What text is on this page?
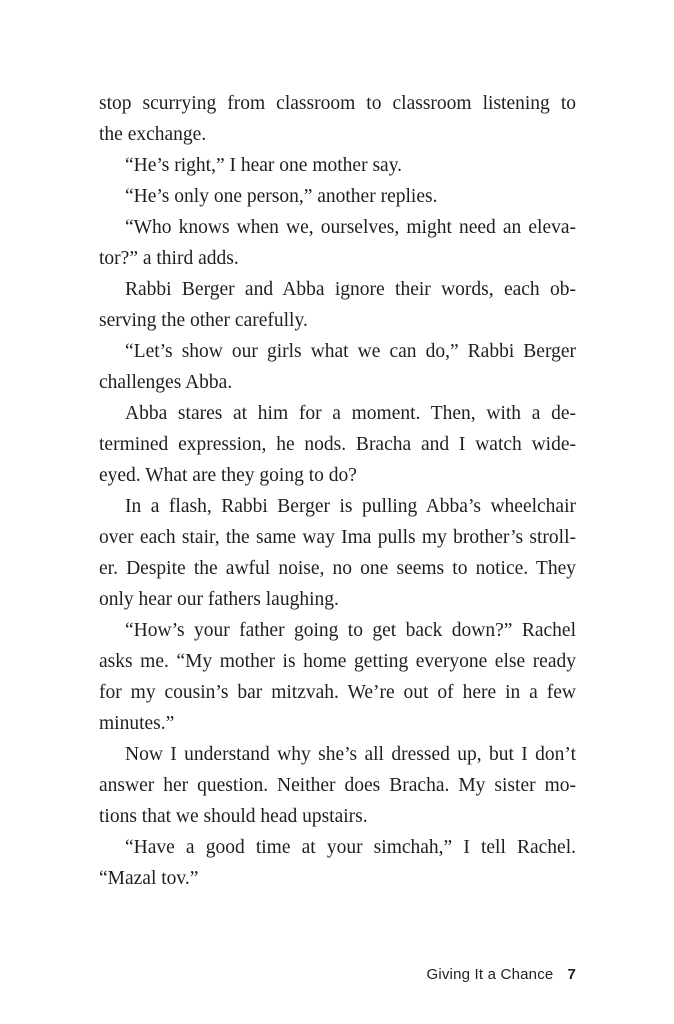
stop scurrying from classroom to classroom listening to
the exchange.
“He’s right,” I hear one mother say.
“He’s only one person,” another replies.
“Who knows when we, ourselves, might need an eleva-
tor?” a third adds.
Rabbi Berger and Abba ignore their words, each ob-
serving the other carefully.
“Let’s show our girls what we can do,” Rabbi Berger
challenges Abba.
Abba stares at him for a moment. Then, with a de-
termined expression, he nods. Bracha and I watch wide-
eyed. What are they going to do?
In a flash, Rabbi Berger is pulling Abba’s wheelchair
over each stair, the same way Ima pulls my brother’s stroll-
er. Despite the awful noise, no one seems to notice. They
only hear our fathers laughing.
“How’s your father going to get back down?” Rachel
asks me. “My mother is home getting everyone else ready
for my cousin’s bar mitzvah. We’re out of here in a few
minutes.”
Now I understand why she’s all dressed up, but I don’t
answer her question. Neither does Bracha. My sister mo-
tions that we should head upstairs.
“Have a good time at your simchah,” I tell Rachel.
“Mazal tov.”
Giving It a Chance 7
